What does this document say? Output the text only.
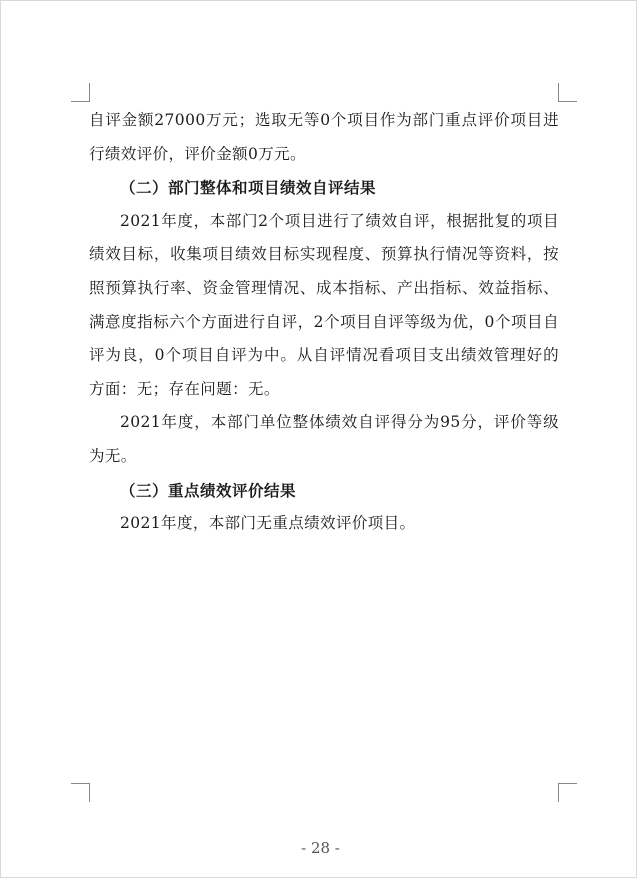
自评金额27000万元；选取无等0个项目作为部门重点评价项目进行绩效评价，评价金额0万元。

（二）部门整体和项目绩效自评结果

2021年度，本部门2个项目进行了绩效自评，根据批复的项目绩效目标，收集项目绩效目标实现程度、预算执行情况等资料，按照预算执行率、资金管理情况、成本指标、产出指标、效益指标、满意度指标六个方面进行自评，2个项目自评等级为优，0个项目自评为良，0个项目自评为中。从自评情况看项目支出绩效管理好的方面：无；存在问题：无。

2021年度，本部门单位整体绩效自评得分为95分，评价等级为无。

（三）重点绩效评价结果

2021年度，本部门无重点绩效评价项目。

- 28 -
